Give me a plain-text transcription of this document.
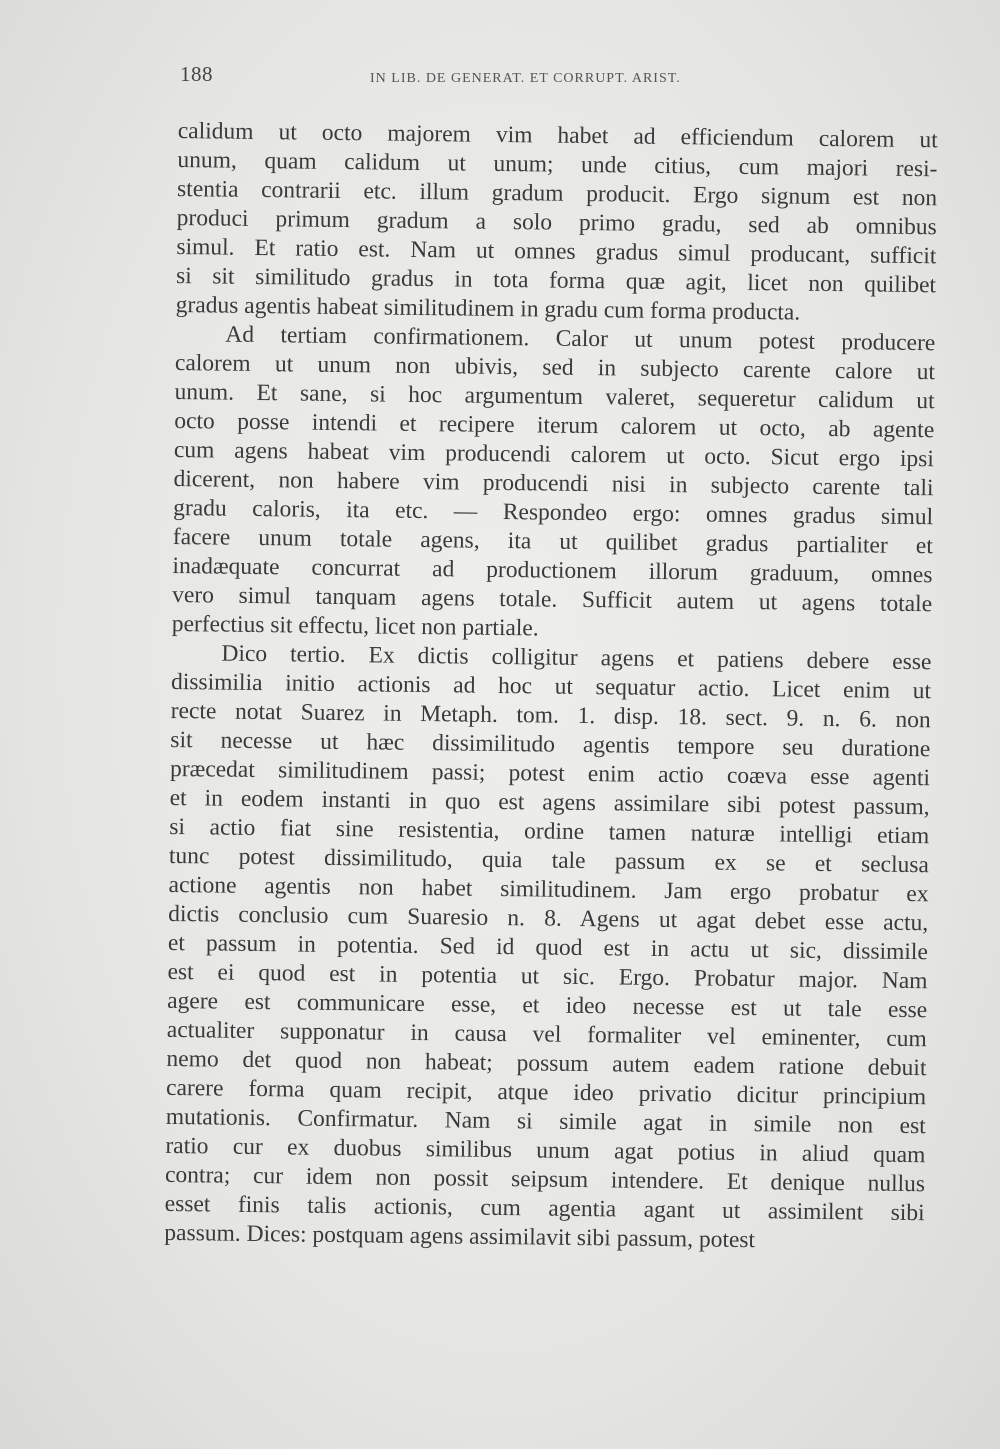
188	IN LIB. DE GENERAT. ET CORRUPT. ARIST.
calidum ut octo majorem vim habet ad efficiendum calorem ut
unum, quam calidum ut unum; unde citius, cum majori resi-
stentia contrarii etc. illum gradum producit. Ergo signum est non
produci primum gradum a solo primo gradu, sed ab omnibus
simul. Et ratio est. Nam ut omnes gradus simul producant, sufficit
si sit similitudo gradus in tota forma quæ agit, licet non quilibet
gradus agentis habeat similitudinem in gradu cum forma producta.
Ad tertiam confirmationem. Calor ut unum potest producere
calorem ut unum non ubivis, sed in subjecto carente calore ut
unum. Et sane, si hoc argumentum valeret, sequeretur calidum ut
octo posse intendi et recipere iterum calorem ut octo, ab agente
cum agens habeat vim producendi calorem ut octo. Sicut ergo ipsi
dicerent, non habere vim producendi nisi in subjecto carente tali
gradu caloris, ita etc. — Respondeo ergo: omnes gradus simul
facere unum totale agens, ita ut quilibet gradus partialiter et
inadæquate concurrat ad productionem illorum graduum, omnes
vero simul tanquam agens totale. Sufficit autem ut agens totale
perfectius sit effectu, licet non partiale.
Dico tertio. Ex dictis colligitur agens et patiens debere esse
dissimilia initio actionis ad hoc ut sequatur actio. Licet enim ut
recte notat Suarez in Metaph. tom. 1. disp. 18. sect. 9. n. 6. non
sit necesse ut hæc dissimilitudo agentis tempore seu duratione
præcedat similitudinem passi; potest enim actio coæva esse agenti
et in eodem instanti in quo est agens assimilare sibi potest passum,
si actio fiat sine resistentia, ordine tamen naturæ intelligi etiam
tunc potest dissimilitudo, quia tale passum ex se et seclusa
actione agentis non habet similitudinem. Jam ergo probatur ex
dictis conclusio cum Suaresio n. 8. Agens ut agat debet esse actu,
et passum in potentia. Sed id quod est in actu ut sic, dissimile
est ei quod est in potentia ut sic. Ergo. Probatur major. Nam
agere est communicare esse, et ideo necesse est ut tale esse
actualiter supponatur in causa vel formaliter vel eminenter, cum
nemo det quod non habeat; possum autem eadem ratione debuit
carere forma quam recipit, atque ideo privatio dicitur principium
mutationis. Confirmatur. Nam si simile agat in simile non est
ratio cur ex duobus similibus unum agat potius in aliud quam
contra; cur idem non possit seipsum intendere. Et denique nullus
esset finis talis actionis, cum agentia agant ut assimilent sibi
passum. Dices: postquam agens assimilavit sibi passum, potest
